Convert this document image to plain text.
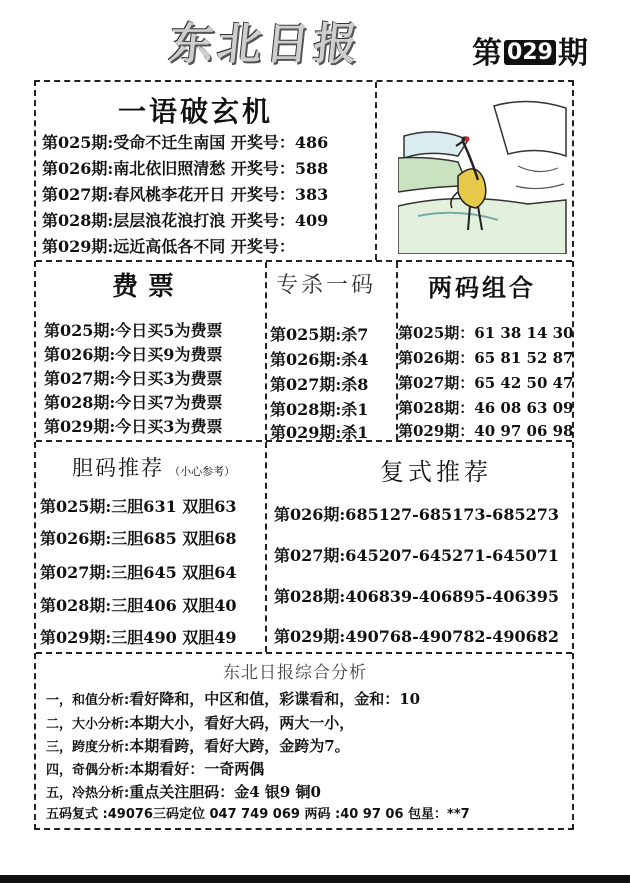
东北日报	第 029 期
一语破玄机
第025期:受命不迁生南国 开奖号：486
第026期:南北依旧照清愁 开奖号：588
第027期:春风桃李花开日 开奖号：383
第028期:层层浪花浪打浪 开奖号：409
第029期:远近高低各不同 开奖号：
费票
第025期:今日买5为费票
第026期:今日买9为费票
第027期:今日买3为费票
第028期:今日买7为费票
第029期:今日买3为费票
专杀一码
第025期:杀7
第026期:杀4
第027期:杀8
第028期:杀1
第029期:杀1
两码组合
第025期：61 38 14 30
第026期：65 81 52 87
第027期：65 42 50 47
第028期：46 08 63 09
第029期：40 97 06 98
胆码推荐 （小心参考）
第025期:三胆631 双胆63
第026期:三胆685 双胆68
第027期:三胆645 双胆64
第028期:三胆406 双胆40
第029期:三胆490 双胆49
复式推荐
第026期:685127-685173-685273
第027期:645207-645271-645071
第028期:406839-406895-406395
第029期:490768-490782-490682
东北日报综合分析
一，和值分析:看好降和，中区和值，彩谍看和，金和：10
二，大小分析:本期大小，看好大码，两大一小，
三，跨度分析:本期看跨，看好大跨，金跨为7。
四，奇偶分析:本期看好：一奇两偶
五，冷热分析:重点关注胆码：金4 银9 铜0
五码复式 :49076三码定位 047 749 069 两码 :40 97 06 包星：**7
